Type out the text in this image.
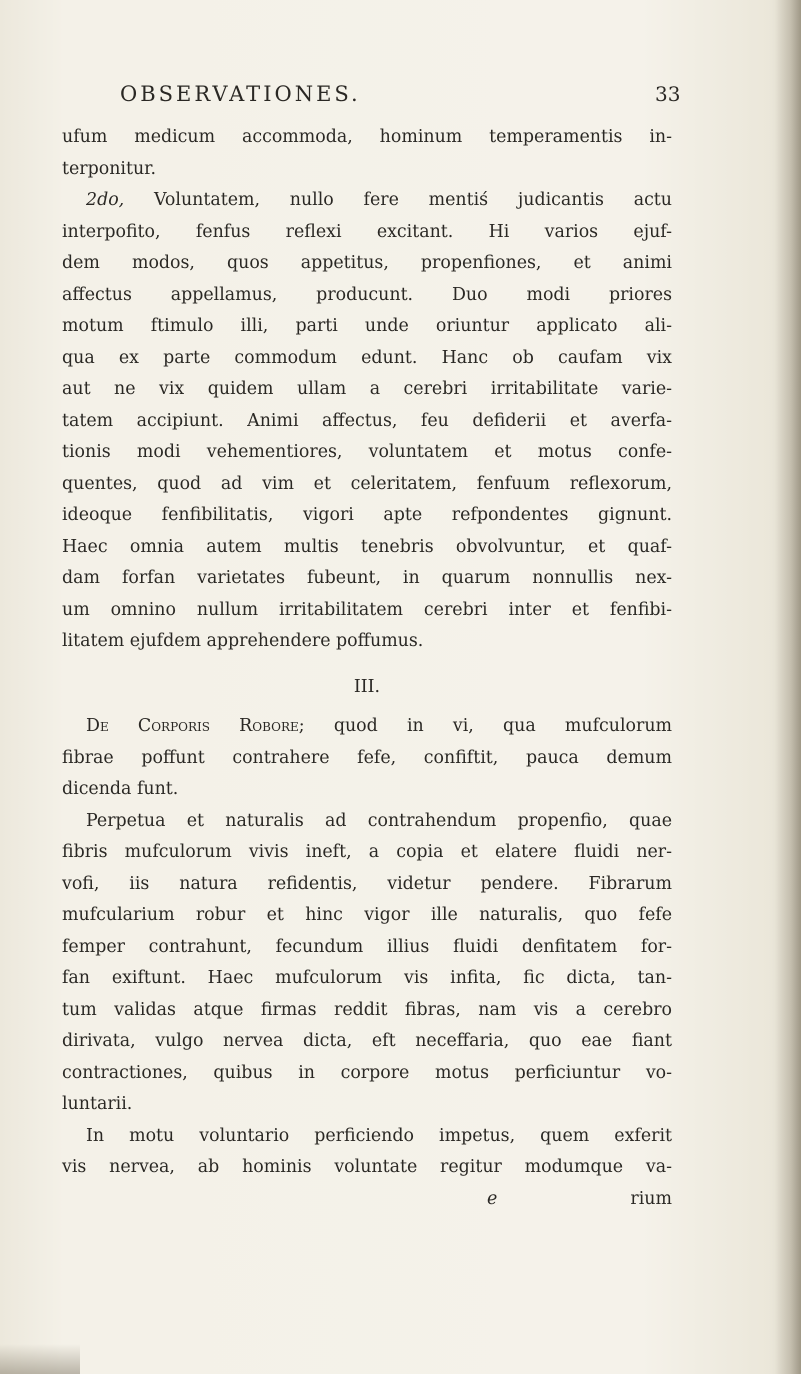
OBSERVATIONES.	33
ufum medicum accommoda, hominum temperamentis in-
terponitur.
2do, Voluntatem, nullo fere mentiś judicantis actu
interpofito, fenfus reflexi excitant. Hi varios ejuf-
dem modos, quos appetitus, propenfiones, et animi
affectus appellamus, producunt. Duo modi priores
motum ftimulo illi, parti unde oriuntur applicato ali-
qua ex parte commodum edunt. Hanc ob caufam vix
aut ne vix quidem ullam a cerebri irritabilitate varie-
tatem accipiunt. Animi affectus, feu defiderii et averfa-
tionis modi vehementiores, voluntatem et motus confe-
quentes, quod ad vim et celeritatem, fenfuum reflexorum,
ideoque fenfibilitatis, vigori apte refpondentes gignunt.
Haec omnia autem multis tenebris obvolvuntur, et quaf-
dam forfan varietates fubeunt, in quarum nonnullis nex-
um omnino nullum irritabilitatem cerebri inter et fenfibi-
litatem ejufdem apprehendere poffumus.
III.
De Corporis Robore; quod in vi, qua mufculorum
fibrae poffunt contrahere fefe, confiftit, pauca demum
dicenda funt.
Perpetua et naturalis ad contrahendum propenfio, quae
fibris mufculorum vivis ineft, a copia et elatere fluidi ner-
vofi, iis natura refidentis, videtur pendere. Fibrarum
mufcularium robur et hinc vigor ille naturalis, quo fefe
femper contrahunt, fecundum illius fluidi denfitatem for-
fan exiftunt. Haec mufculorum vis infita, fic dicta, tan-
tum validas atque firmas reddit fibras, nam vis a cerebro
dirivata, vulgo nervea dicta, eft neceffaria, quo eae fiant
contractiones, quibus in corpore motus perficiuntur vo-
luntarii.
In motu voluntario perficiendo impetus, quem exferit
vis nervea, ab hominis voluntate regitur modumque va-
e	rium
